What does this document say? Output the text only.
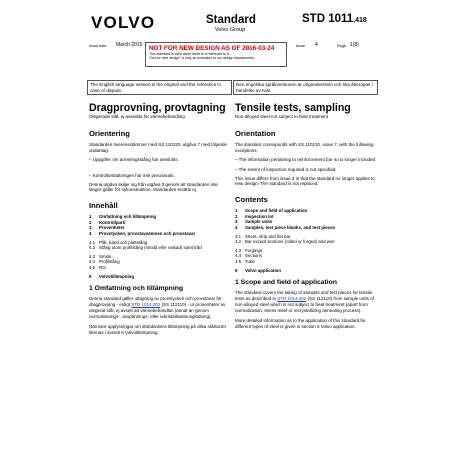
VOLVO	Standard
Volvo Group
STD 1011,418
Issue date March 2015	Issue 4	Page 1(8)
NOT FOR NEW DESIGN AS OF 2016-03-24
This standard is valid when there is a reference to it.
"Not for new design" is only an indication to our design departments.
The English language version is the original and the reference in case of dispute.
Den engelska språkversionen är originalversion och ska åberopas i händelse av tvist.
Dragprovning, provtagning
Olegerade stål, ej avsedda för värmebehandling
Orientering
Standarden överensstämmer med SS 110120, utgåva 7 med följande undantag:
– Uppgifter om armeringsstång har uteslutits.
– Kontrollomfattningen har inte preciserats.
Denna utgåva skiljer sig från utgåva 3 genom att standarden inte längre gäller för nykonstruktion. Standarden ersätts ej.
Innehåll
1	Omfattning och tillämpning
2	Kontrollparti
3	Provenheter
4	Provstycken, provstavsämnen och provstavar
4.1 Plåt, band och plattstång
4.2 Stång utom profilstång (smidd eller valsad) samt tråd
4.3 Smide
4.4 Profilstång
4.5 Rör
5	Volvotillämpning
1 Omfattning och tillämpning
Denna standard gäller uttagning av provstycken och provstavar för dragprovning - enligt STD 1014,202 (SS 112110) - ur provenheter av olegerat stål, ej avsett att värmebehandlas (annat än genom normaliserings-, avspännings- eller rekristallisationsglödning).
Närmare upplysningar om standardens tillämpning på olika stålsorter lämnas i avsnitt 5 Volvotillämpning.
Tensile tests, sampling
Non-alloyed steel not subject to heat treatment
Orientation
The standard corresponds with SS 110120, issue 7, with the following exceptions:
– The information pertaining to reinforcement bar is no longer included
– The extent of inspection required is not specified.
This issue differs from issue 3 in that the standard no longer applies to new design. The standard is not replaced.
Contents
1	Scope and field of application
2	Inspection lot
3	Sample units
4	Samples, test piece blanks, and test pieces
4.1 Sheet, strip and flat bar
4.2 Bar except sections (rolled or forged) and wire
4.3 Forgings
4.4 Sections
4.5 Tube
5	Volvo application
1 Scope and field of application
The standard covers the taking of samples and test pieces for tensile tests as described in STD 1014,202 (SS 112110) from sample units of non-alloyed steel which is not subject to heat treatment (apart from normalization, stress relief or recrystallizing annealing process).
More detailed information as to the application of this standard for different types of steel is given in section 5 Volvo application.
